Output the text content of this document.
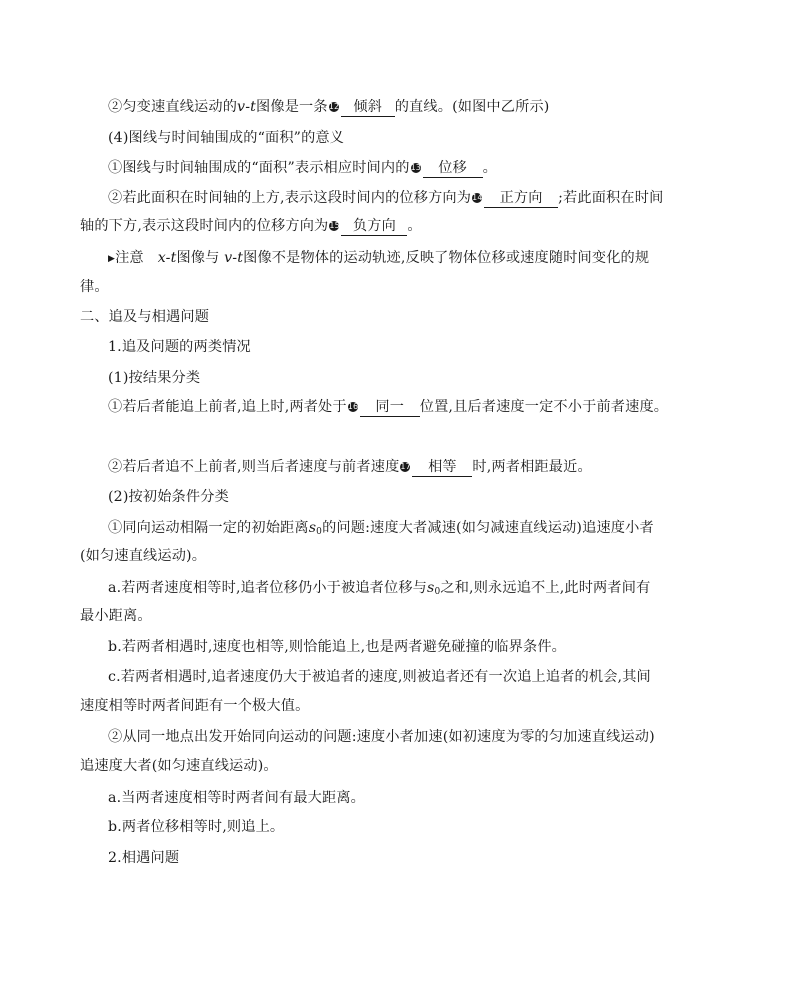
②匀变速直线运动的v-t图像是一条12 倾斜 的直线。(如图中乙所示)
(4)图线与时间轴围成的“面积”的意义
①图线与时间轴围成的“面积”表示相应时间内的13 位移 。
②若此面积在时间轴的上方,表示这段时间内的位移方向为14 正方向 ;若此面积在时间
轴的下方,表示这段时间内的位移方向为15 负方向 。
▶注意 x-t图像与 v-t图像不是物体的运动轨迹,反映了物体位移或速度随时间变化的规
律。
二、追及与相遇问题
1.追及问题的两类情况
(1)按结果分类
①若后者能追上前者,追上时,两者处于16 同一 位置,且后者速度一定不小于前者速度。
②若后者追不上前者,则当后者速度与前者速度17 相等 时,两者相距最近。
(2)按初始条件分类
①同向运动相隔一定的初始距离$s_0$的问题:速度大者减速(如匀减速直线运动)追速度小者
(如匀速直线运动)。
a.若两者速度相等时,追者位移仍小于被追者位移与$s_0$之和,则永远追不上,此时两者间有
最小距离。
b.若两者相遇时,速度也相等,则恰能追上,也是两者避免碰撞的临界条件。
c.若两者相遇时,追者速度仍大于被追者的速度,则被追者还有一次追上追者的机会,其间
速度相等时两者间距有一个极大值。
②从同一地点出发开始同向运动的问题:速度小者加速(如初速度为零的匀加速直线运动)
追速度大者(如匀速直线运动)。
a.当两者速度相等时两者间有最大距离。
b.两者位移相等时,则追上。
2.相遇问题
